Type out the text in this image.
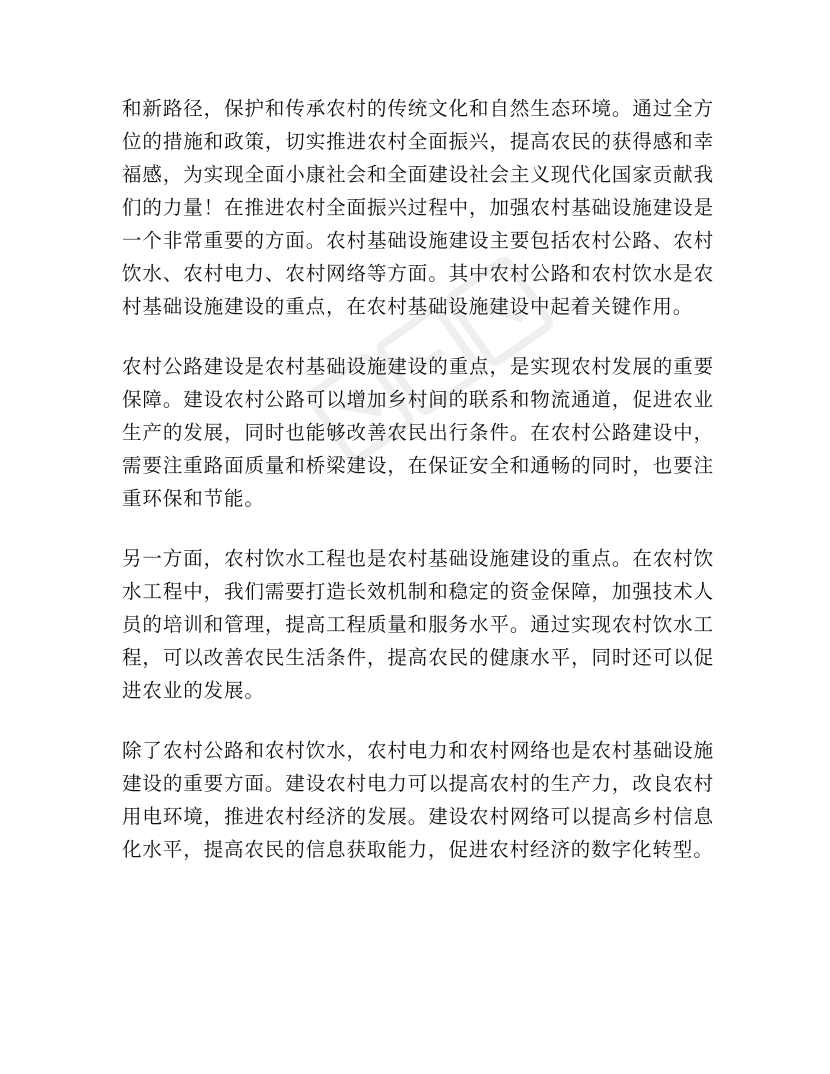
和新路径，保护和传承农村的传统文化和自然生态环境。通过全方位的措施和政策，切实推进农村全面振兴，提高农民的获得感和幸福感，为实现全面小康社会和全面建设社会主义现代化国家贡献我们的力量！在推进农村全面振兴过程中，加强农村基础设施建设是一个非常重要的方面。农村基础设施建设主要包括农村公路、农村饮水、农村电力、农村网络等方面。其中农村公路和农村饮水是农村基础设施建设的重点，在农村基础设施建设中起着关键作用。

农村公路建设是农村基础设施建设的重点，是实现农村发展的重要保障。建设农村公路可以增加乡村间的联系和物流通道，促进农业生产的发展，同时也能够改善农民出行条件。在农村公路建设中，需要注重路面质量和桥梁建设，在保证安全和通畅的同时，也要注重环保和节能。

另一方面，农村饮水工程也是农村基础设施建设的重点。在农村饮水工程中，我们需要打造长效机制和稳定的资金保障，加强技术人员的培训和管理，提高工程质量和服务水平。通过实现农村饮水工程，可以改善农民生活条件，提高农民的健康水平，同时还可以促进农业的发展。

除了农村公路和农村饮水，农村电力和农村网络也是农村基础设施建设的重要方面。建设农村电力可以提高农村的生产力，改良农村用电环境，推进农村经济的发展。建设农村网络可以提高乡村信息化水平，提高农民的信息获取能力，促进农村经济的数字化转型。
